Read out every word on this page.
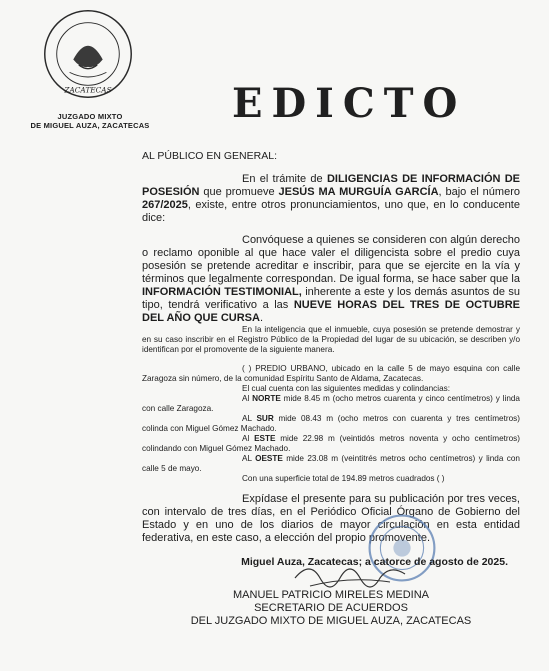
ZACATECAS
JUZGADO MIXTO
DE MIGUEL AUZA, ZACATECAS	EDICTO
AL PÚBLICO EN GENERAL:

En el trámite de DILIGENCIAS DE INFORMACIÓN DE POSESIÓN que promueve JESÚS MA MURGUÍA GARCÍA, bajo el número 267/2025, existe, entre otros pronunciamientos, uno que, en lo conducente dice:

Convóquese a quienes se consideren con algún derecho o reclamo oponible al que hace valer el diligencista sobre el predio cuya posesión se pretende acreditar e inscribir, para que se ejercite en la vía y términos que legalmente correspondan. De igual forma, se hace saber que la INFORMACIÓN TESTIMONIAL, inherente a este y los demás asuntos de su tipo, tendrá verificativo a las NUEVE HORAS DEL TRES DE OCTUBRE DEL AÑO QUE CURSA.

En la inteligencia que el inmueble, cuya posesión se pretende demostrar y en su caso inscribir en el Registro Público de la Propiedad del lugar de su ubicación, se describen y/o identifican por el promovente de la siguiente manera.

( ) PREDIO URBANO, ubicado en la calle 5 de mayo esquina con calle Zaragoza sin número, de la comunidad Espíritu Santo de Aldama, Zacatecas.

El cual cuenta con las siguientes medidas y colindancias:

Al NORTE mide 8.45 m (ocho metros cuarenta y cinco centímetros) y linda con calle Zaragoza.

AL SUR mide 08.43 m (ocho metros con cuarenta y tres centímetros) colinda con Miguel Gómez Machado.

Al ESTE mide 22.98 m (veintidós metros noventa y ocho centímetros) colindando con Miguel Gómez Machado.

AL OESTE mide 23.08 m (veintitrés metros ocho centímetros) y linda con calle 5 de mayo.

Con una superficie total de 194.89 metros cuadrados ( )

Expídase el presente para su publicación por tres veces, con intervalo de tres días, en el Periódico Oficial Órgano de Gobierno del Estado y en uno de los diarios de mayor circulación en esta entidad federativa, en este caso, a elección del propio promovente.

Miguel Auza, Zacatecas; a catorce de agosto de 2025.
MANUEL PATRICIO MIRELES MEDINA
SECRETARIO DE ACUERDOS
DEL JUZGADO MIXTO DE MIGUEL AUZA, ZACATECAS
